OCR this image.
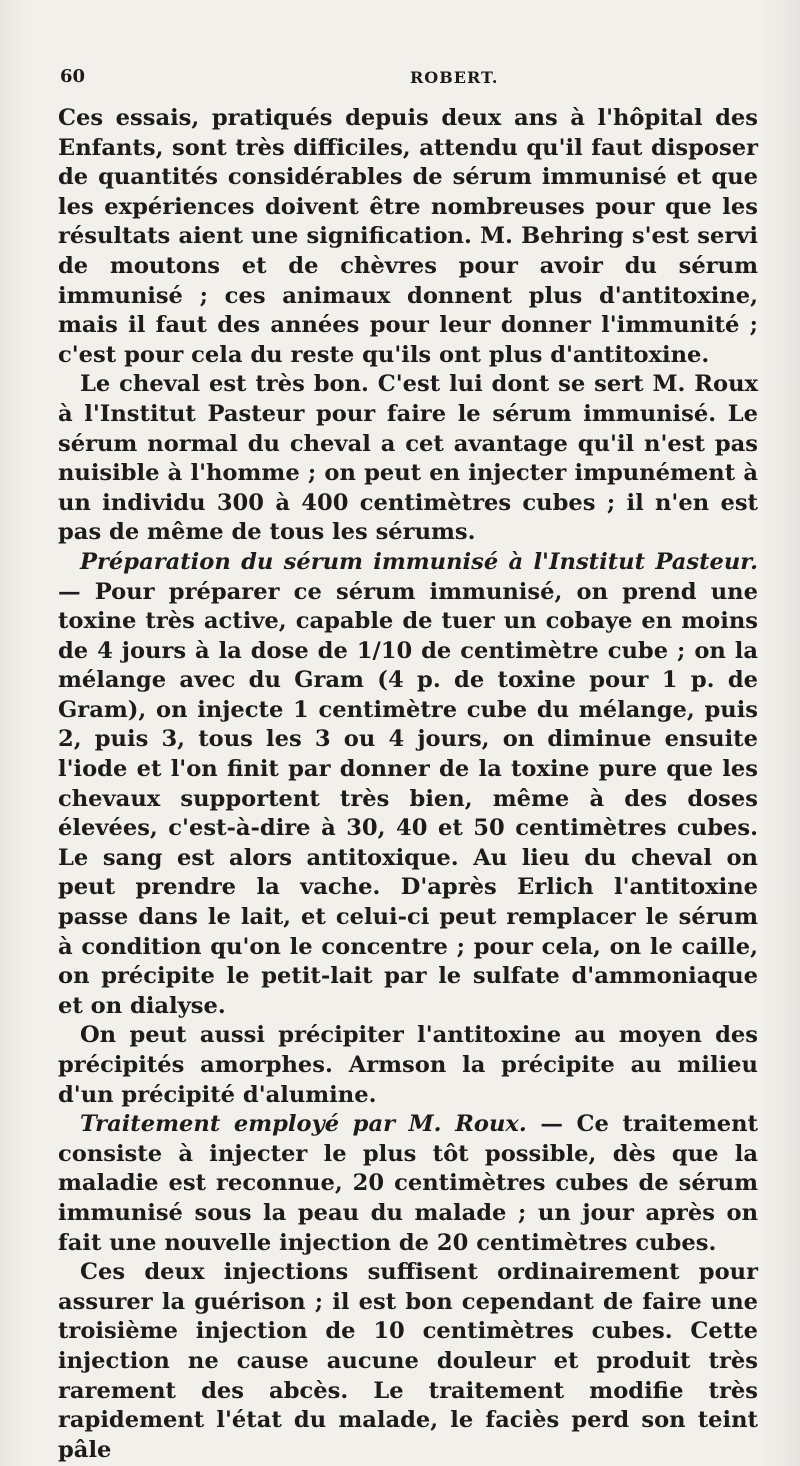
60	ROBERT.

Ces essais, pratiqués depuis deux ans à l'hôpital des Enfants, sont très difficiles, attendu qu'il faut disposer de quantités considérables de sérum immunisé et que les expériences doivent être nombreuses pour que les résultats aient une signification. M. Behring s'est servi de moutons et de chèvres pour avoir du sérum immunisé ; ces animaux donnent plus d'antitoxine, mais il faut des années pour leur donner l'immunité ; c'est pour cela du reste qu'ils ont plus d'antitoxine.

Le cheval est très bon. C'est lui dont se sert M. Roux à l'Institut Pasteur pour faire le sérum immunisé. Le sérum normal du cheval a cet avantage qu'il n'est pas nuisible à l'homme ; on peut en injecter impunément à un individu 300 à 400 centimètres cubes ; il n'en est pas de même de tous les sérums.

Préparation du sérum immunisé à l'Institut Pasteur. — Pour préparer ce sérum immunisé, on prend une toxine très active, capable de tuer un cobaye en moins de 4 jours à la dose de 1/10 de centimètre cube ; on la mélange avec du Gram (4 p. de toxine pour 1 p. de Gram), on injecte 1 centimètre cube du mélange, puis 2, puis 3, tous les 3 ou 4 jours, on diminue ensuite l'iode et l'on finit par donner de la toxine pure que les chevaux supportent très bien, même à des doses élevées, c'est-à-dire à 30, 40 et 50 centimètres cubes. Le sang est alors antitoxique. Au lieu du cheval on peut prendre la vache. D'après Erlich l'antitoxine passe dans le lait, et celui-ci peut remplacer le sérum à condition qu'on le concentre ; pour cela, on le caille, on précipite le petit-lait par le sulfate d'ammoniaque et on dialyse.

On peut aussi précipiter l'antitoxine au moyen des précipités amorphes. Armson la précipite au milieu d'un précipité d'alumine.

Traitement employé par M. Roux. — Ce traitement consiste à injecter le plus tôt possible, dès que la maladie est reconnue, 20 centimètres cubes de sérum immunisé sous la peau du malade ; un jour après on fait une nouvelle injection de 20 centimètres cubes.

Ces deux injections suffisent ordinairement pour assurer la guérison ; il est bon cependant de faire une troisième injection de 10 centimètres cubes. Cette injection ne cause aucune douleur et produit très rarement des abcès. Le traitement modifie très rapidement l'état du malade, le faciès perd son teint pâle
